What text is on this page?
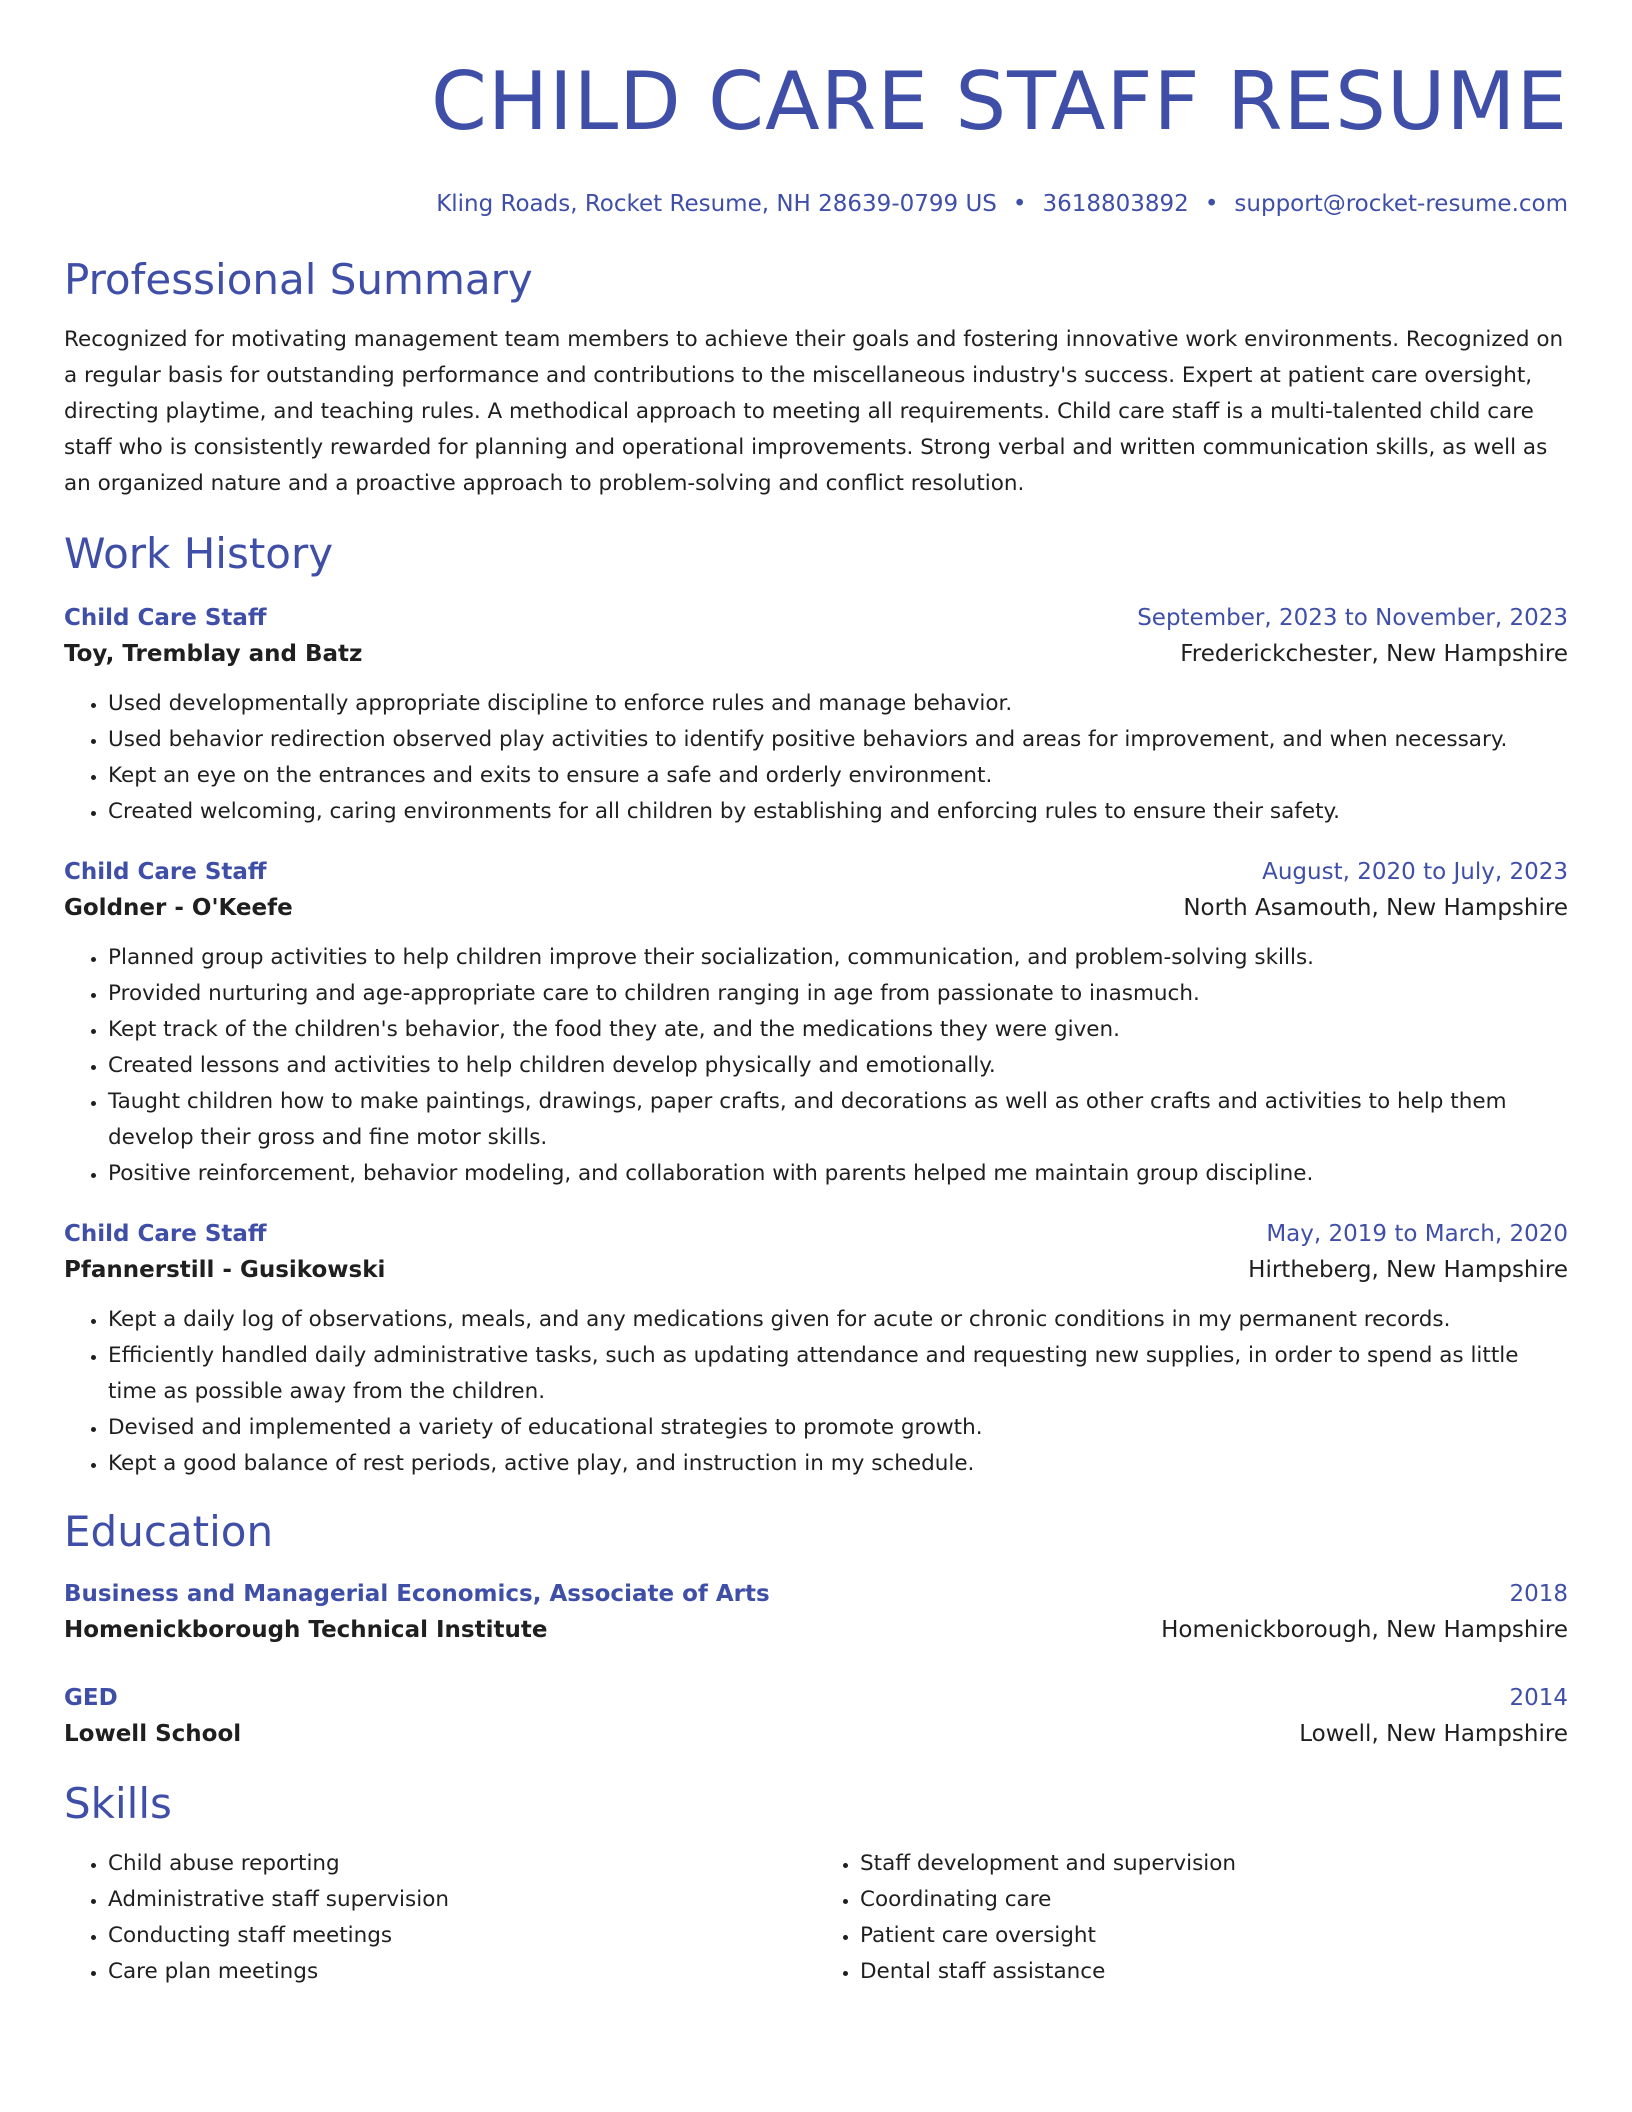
CHILD CARE STAFF RESUME
Kling Roads, Rocket Resume, NH 28639-0799 US • 3618803892 • support@rocket-resume.com
Professional Summary

Recognized for motivating management team members to achieve their goals and fostering innovative work environments. Recognized on a regular basis for outstanding performance and contributions to the miscellaneous industry's success. Expert at patient care oversight, directing playtime, and teaching rules. A methodical approach to meeting all requirements. Child care staff is a multi-talented child care staff who is consistently rewarded for planning and operational improvements. Strong verbal and written communication skills, as well as an organized nature and a proactive approach to problem-solving and conflict resolution.

Work History
Child Care Staff	September, 2023 to November, 2023
Toy, Tremblay and Batz	Frederickchester, New Hampshire
• Used developmentally appropriate discipline to enforce rules and manage behavior.
• Used behavior redirection observed play activities to identify positive behaviors and areas for improvement, and when necessary.
• Kept an eye on the entrances and exits to ensure a safe and orderly environment.
• Created welcoming, caring environments for all children by establishing and enforcing rules to ensure their safety.
Child Care Staff	August, 2020 to July, 2023
Goldner - O'Keefe	North Asamouth, New Hampshire
• Planned group activities to help children improve their socialization, communication, and problem-solving skills.
• Provided nurturing and age-appropriate care to children ranging in age from passionate to inasmuch.
• Kept track of the children's behavior, the food they ate, and the medications they were given.
• Created lessons and activities to help children develop physically and emotionally.
• Taught children how to make paintings, drawings, paper crafts, and decorations as well as other crafts and activities to help them develop their gross and fine motor skills.
• Positive reinforcement, behavior modeling, and collaboration with parents helped me maintain group discipline.
Child Care Staff	May, 2019 to March, 2020
Pfannerstill - Gusikowski	Hirtheberg, New Hampshire
• Kept a daily log of observations, meals, and any medications given for acute or chronic conditions in my permanent records.
• Efficiently handled daily administrative tasks, such as updating attendance and requesting new supplies, in order to spend as little time as possible away from the children.
• Devised and implemented a variety of educational strategies to promote growth.
• Kept a good balance of rest periods, active play, and instruction in my schedule.
Education
Business and Managerial Economics, Associate of Arts	2018
Homenickborough Technical Institute	Homenickborough, New Hampshire
GED	2014
Lowell School	Lowell, New Hampshire
Skills
• Child abuse reporting
• Administrative staff supervision
• Conducting staff meetings
• Care plan meetings
• Staff development and supervision
• Coordinating care
• Patient care oversight
• Dental staff assistance
